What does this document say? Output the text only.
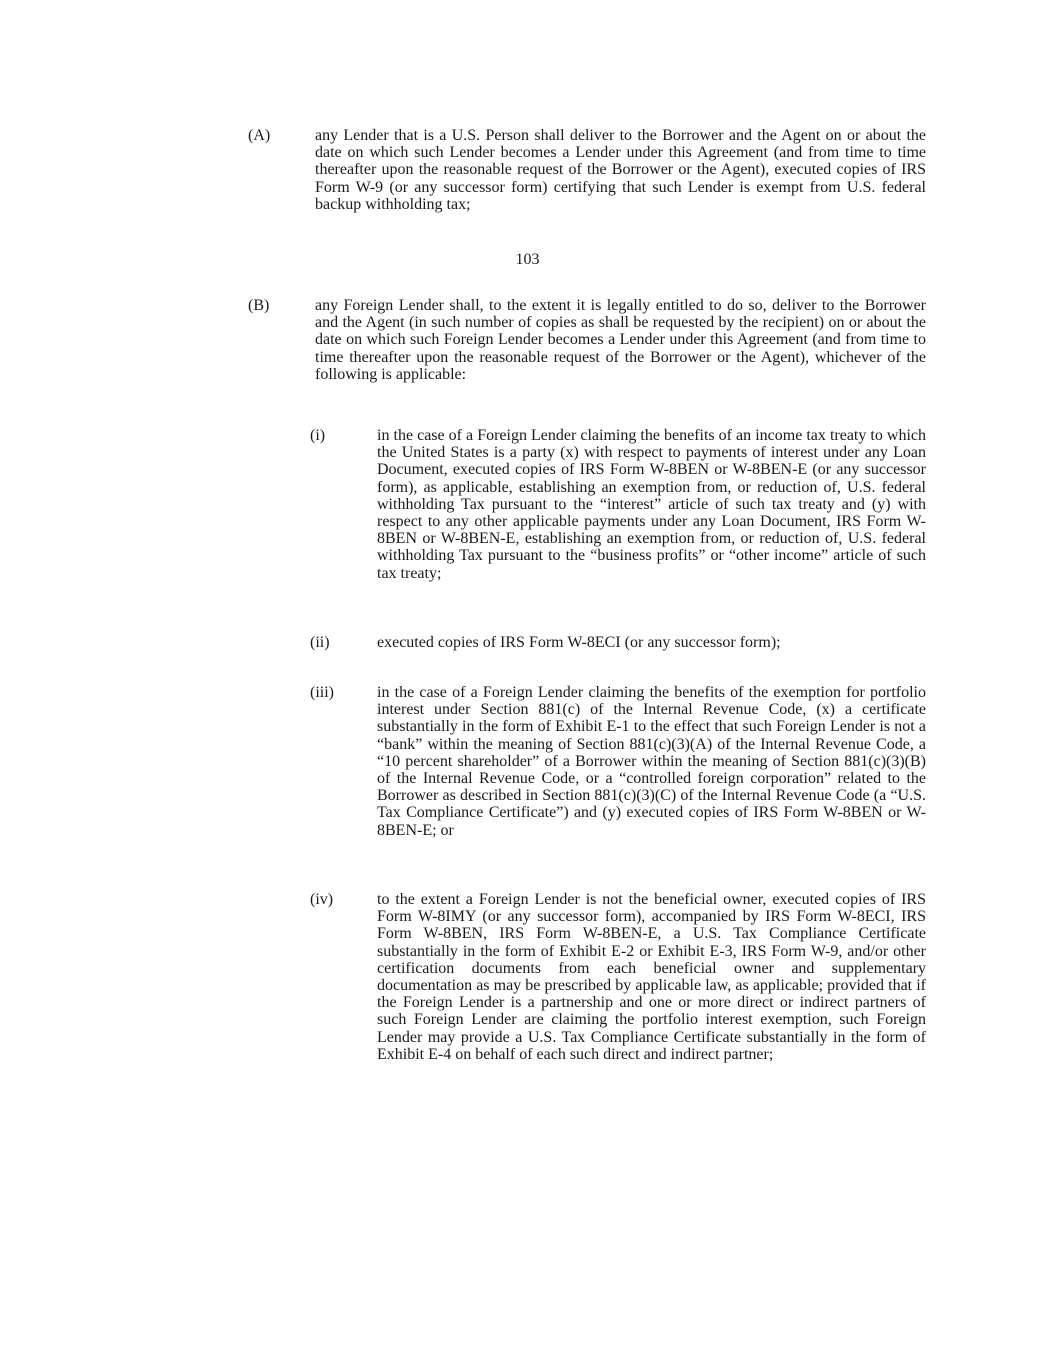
(A)	any Lender that is a U.S. Person shall deliver to the Borrower and the Agent on or about the date on which such Lender becomes a Lender under this Agreement (and from time to time thereafter upon the reasonable request of the Borrower or the Agent), executed copies of IRS Form W-9 (or any successor form) certifying that such Lender is exempt from U.S. federal backup withholding tax;
103
(B)	any Foreign Lender shall, to the extent it is legally entitled to do so, deliver to the Borrower and the Agent (in such number of copies as shall be requested by the recipient) on or about the date on which such Foreign Lender becomes a Lender under this Agreement (and from time to time thereafter upon the reasonable request of the Borrower or the Agent), whichever of the following is applicable:
(i)	in the case of a Foreign Lender claiming the benefits of an income tax treaty to which the United States is a party (x) with respect to payments of interest under any Loan Document, executed copies of IRS Form W-8BEN or W-8BEN-E (or any successor form), as applicable, establishing an exemption from, or reduction of, U.S. federal withholding Tax pursuant to the “interest” article of such tax treaty and (y) with respect to any other applicable payments under any Loan Document, IRS Form W-8BEN or W-8BEN-E, establishing an exemption from, or reduction of, U.S. federal withholding Tax pursuant to the “business profits” or “other income” article of such tax treaty;
(ii)	executed copies of IRS Form W-8ECI (or any successor form);
(iii)	in the case of a Foreign Lender claiming the benefits of the exemption for portfolio interest under Section 881(c) of the Internal Revenue Code, (x) a certificate substantially in the form of Exhibit E-1 to the effect that such Foreign Lender is not a “bank” within the meaning of Section 881(c)(3)(A) of the Internal Revenue Code, a “10 percent shareholder” of a Borrower within the meaning of Section 881(c)(3)(B) of the Internal Revenue Code, or a “controlled foreign corporation” related to the Borrower as described in Section 881(c)(3)(C) of the Internal Revenue Code (a “U.S. Tax Compliance Certificate”) and (y) executed copies of IRS Form W-8BEN or W-8BEN-E; or
(iv)	to the extent a Foreign Lender is not the beneficial owner, executed copies of IRS Form W-8IMY (or any successor form), accompanied by IRS Form W-8ECI, IRS Form W-8BEN, IRS Form W-8BEN-E, a U.S. Tax Compliance Certificate substantially in the form of Exhibit E-2 or Exhibit E-3, IRS Form W-9, and/or other certification documents from each beneficial owner and supplementary documentation as may be prescribed by applicable law, as applicable; provided that if the Foreign Lender is a partnership and one or more direct or indirect partners of such Foreign Lender are claiming the portfolio interest exemption, such Foreign Lender may provide a U.S. Tax Compliance Certificate substantially in the form of Exhibit E-4 on behalf of each such direct and indirect partner;
